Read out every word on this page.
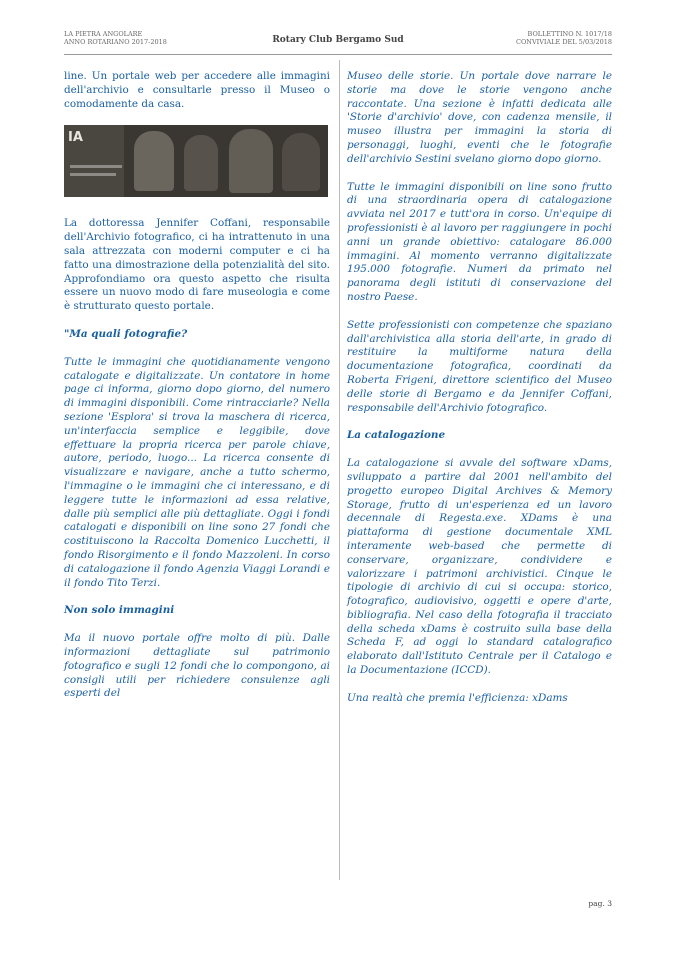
LA PIETRA ANGOLARE
ANNO ROTARIANO 2017-2018	Rotary Club Bergamo Sud
BOLLETTINO N. 1017/18
CONVIVIALE DEL 5/03/2018

line. Un portale web per accedere alle immagini dell'archivio e consultarle presso il Museo o comodamente da casa.

IA

La dottoressa Jennifer Coffani, responsabile dell'Archivio fotografico, ci ha intrattenuto in una sala attrezzata con moderni computer e ci ha fatto una dimostrazione della potenzialità del sito. Approfondiamo ora questo aspetto che risulta essere un nuovo modo di fare museologia e come è strutturato questo portale.

"Ma quali fotografie?

Tutte le immagini che quotidianamente vengono catalogate e digitalizzate. Un contatore in home page ci informa, giorno dopo giorno, del numero di immagini disponibili. Come rintracciarle? Nella sezione 'Esplora' si trova la maschera di ricerca, un'interfaccia semplice e leggibile, dove effettuare la propria ricerca per parole chiave, autore, periodo, luogo... La ricerca consente di visualizzare e navigare, anche a tutto schermo, l'immagine o le immagini che ci interessano, e di leggere tutte le informazioni ad essa relative, dalle più semplici alle più dettagliate. Oggi i fondi catalogati e disponibili on line sono 27 fondi che costituiscono la Raccolta Domenico Lucchetti, il fondo Risorgimento e il fondo Mazzoleni. In corso di catalogazione il fondo Agenzia Viaggi Lorandi e il fondo Tito Terzi.

Non solo immagini

Ma il nuovo portale offre molto di più. Dalle informazioni dettagliate sul patrimonio fotografico e sugli 12 fondi che lo compongono, ai consigli utili per richiedere consulenze agli esperti del

Museo delle storie. Un portale dove narrare le storie ma dove le storie vengono anche raccontate. Una sezione è infatti dedicata alle 'Storie d'archivio' dove, con cadenza mensile, il museo illustra per immagini la storia di personaggi, luoghi, eventi che le fotografie dell'archivio Sestini svelano giorno dopo giorno.

Tutte le immagini disponibili on line sono frutto di una straordinaria opera di catalogazione avviata nel 2017 e tutt'ora in corso. Un'equipe di professionisti è al lavoro per raggiungere in pochi anni un grande obiettivo: catalogare 86.000 immagini. Al momento verranno digitalizzate 195.000 fotografie. Numeri da primato nel panorama degli istituti di conservazione del nostro Paese.

Sette professionisti con competenze che spaziano dall'archivistica alla storia dell'arte, in grado di restituire la multiforme natura della documentazione fotografica, coordinati da Roberta Frigeni, direttore scientifico del Museo delle storie di Bergamo e da Jennifer Coffani, responsabile dell'Archivio fotografico.

La catalogazione

La catalogazione si avvale del software xDams, sviluppato a partire dal 2001 nell'ambito del progetto europeo Digital Archives & Memory Storage, frutto di un'esperienza ed un lavoro decennale di Regesta.exe. XDams è una piattaforma di gestione documentale XML interamente web-based che permette di conservare, organizzare, condividere e valorizzare i patrimoni archivistici. Cinque le tipologie di archivio di cui si occupa: storico, fotografico, audiovisivo, oggetti e opere d'arte, bibliografia. Nel caso della fotografia il tracciato della scheda xDams è costruito sulla base della Scheda F, ad oggi lo standard catalografico elaborato dall'Istituto Centrale per il Catalogo e la Documentazione (ICCD).

Una realtà che premia l'efficienza: xDams

pag. 3
